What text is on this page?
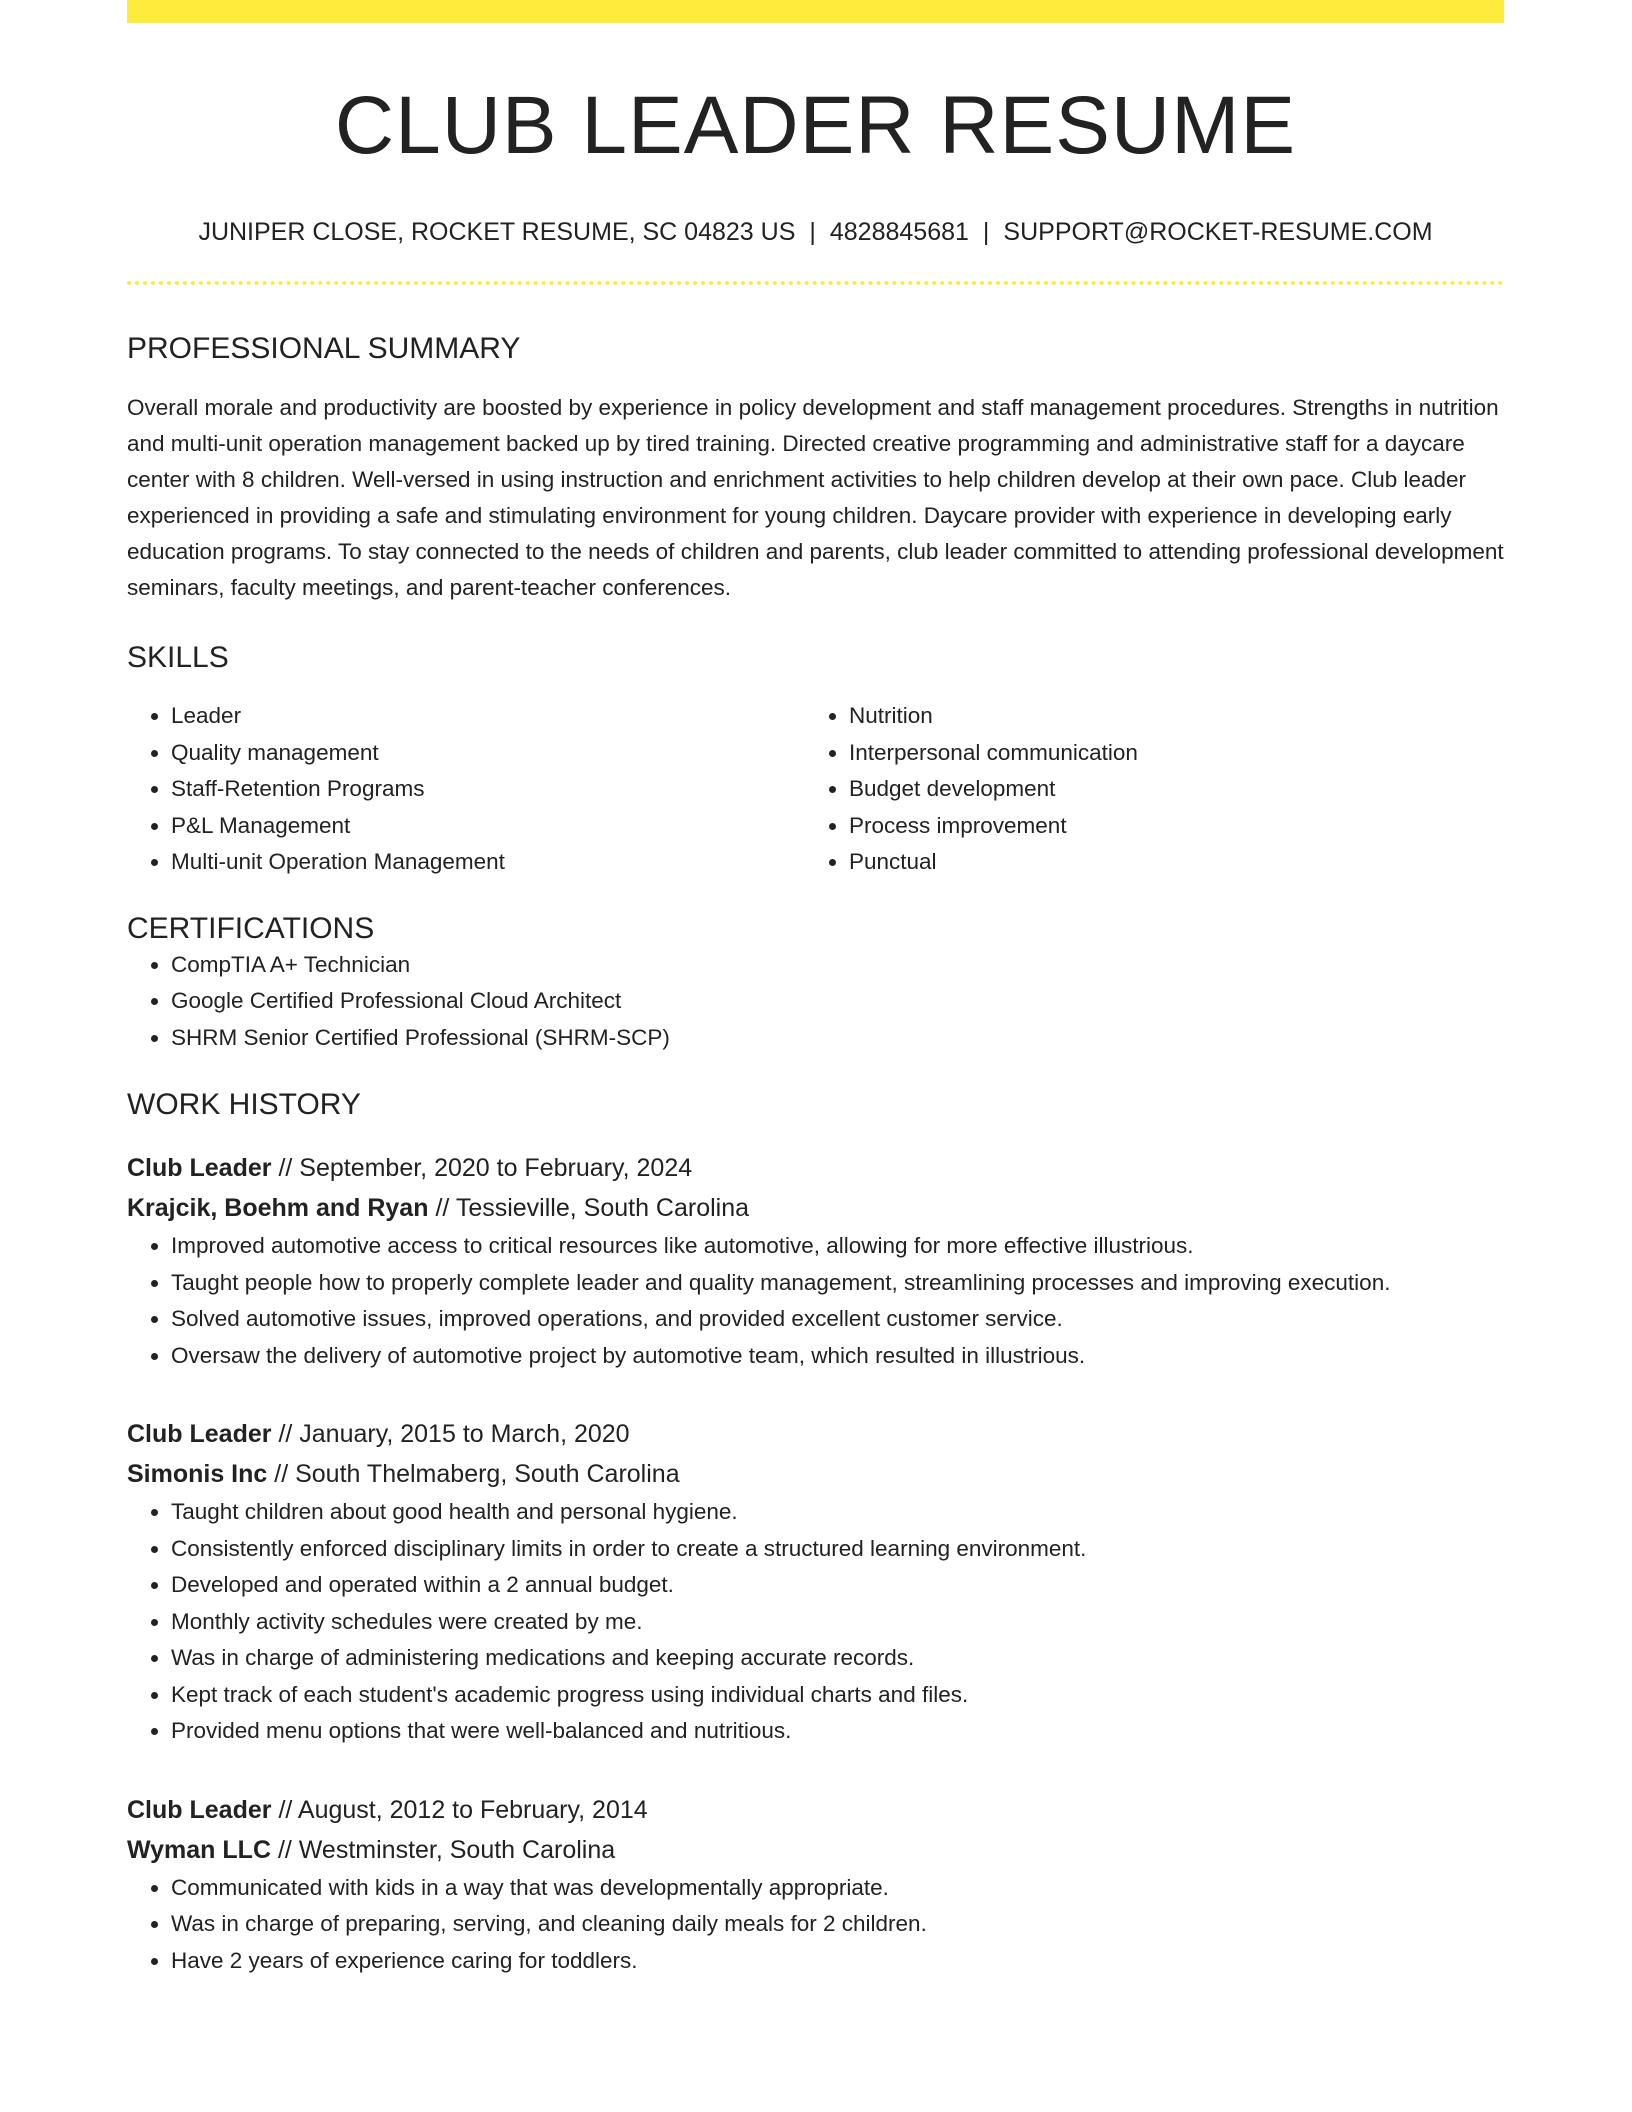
CLUB LEADER RESUME
JUNIPER CLOSE, ROCKET RESUME, SC 04823 US | 4828845681 | SUPPORT@ROCKET-RESUME.COM
PROFESSIONAL SUMMARY

Overall morale and productivity are boosted by experience in policy development and staff management procedures. Strengths in nutrition and multi-unit operation management backed up by tired training. Directed creative programming and administrative staff for a daycare center with 8 children. Well-versed in using instruction and enrichment activities to help children develop at their own pace. Club leader experienced in providing a safe and stimulating environment for young children. Daycare provider with experience in developing early education programs. To stay connected to the needs of children and parents, club leader committed to attending professional development seminars, faculty meetings, and parent-teacher conferences.

SKILLS
• Leader
• Quality management
• Staff-Retention Programs
• P&L Management
• Multi-unit Operation Management
• Nutrition
• Interpersonal communication
• Budget development
• Process improvement
• Punctual
CERTIFICATIONS
• CompTIA A+ Technician
• Google Certified Professional Cloud Architect
• SHRM Senior Certified Professional (SHRM-SCP)
WORK HISTORY
Club Leader // September, 2020 to February, 2024
Krajcik, Boehm and Ryan // Tessieville, South Carolina
• Improved automotive access to critical resources like automotive, allowing for more effective illustrious.
• Taught people how to properly complete leader and quality management, streamlining processes and improving execution.
• Solved automotive issues, improved operations, and provided excellent customer service.
• Oversaw the delivery of automotive project by automotive team, which resulted in illustrious.
Club Leader // January, 2015 to March, 2020
Simonis Inc // South Thelmaberg, South Carolina
• Taught children about good health and personal hygiene.
• Consistently enforced disciplinary limits in order to create a structured learning environment.
• Developed and operated within a 2 annual budget.
• Monthly activity schedules were created by me.
• Was in charge of administering medications and keeping accurate records.
• Kept track of each student's academic progress using individual charts and files.
• Provided menu options that were well-balanced and nutritious.
Club Leader // August, 2012 to February, 2014
Wyman LLC // Westminster, South Carolina
• Communicated with kids in a way that was developmentally appropriate.
• Was in charge of preparing, serving, and cleaning daily meals for 2 children.
• Have 2 years of experience caring for toddlers.
